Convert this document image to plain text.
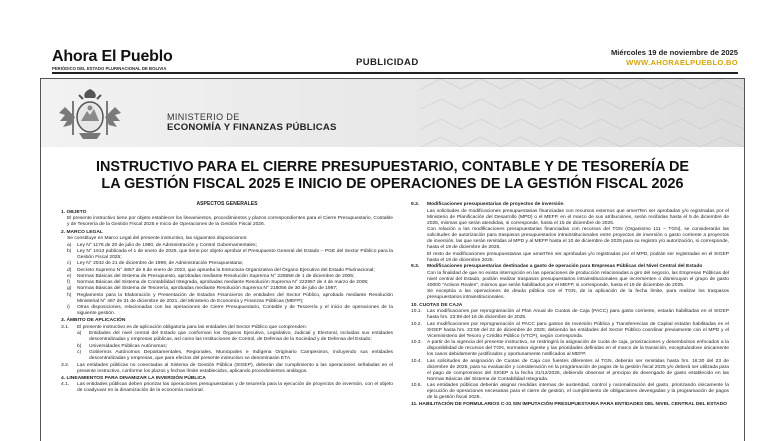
Ahora El Pueblo
PERIÓDICO DEL ESTADO PLURINACIONAL DE BOLIVIA
PUBLICIDAD
Miércoles 19 de noviembre de 2025
WWW.AHORAELPUEBLO.BO
MINISTERIO DE
ECONOMÍA Y FINANZAS PÚBLICAS
INSTRUCTIVO PARA EL CIERRE PRESUPUESTARIO, CONTABLE Y DE TESORERÍA DE
LA GESTIÓN FISCAL 2025 E INICIO DE OPERACIONES DE LA GESTIÓN FISCAL 2026
ASPECTOS GENERALES
1. OBJETO
El presente instructivo tiene por objeto establecer los lineamientos, procedimientos y plazos correspondientes para el Cierre Presupuestario, Contable y de Tesorería de la Gestión Fiscal 2025 e Inicio de Operaciones de la Gestión Fiscal 2026.
2. MARCO LEGAL
Se constituye en Marco Legal del presente instructivo, las siguientes disposiciones:
a)	Ley N° 1178 de 20 de julio de 1990, de Administración y Control Gubernamentales;
b)	Ley N° 1613 publicada el 1 de enero de 2025, que tiene por objeto aprobar el Presupuesto General del Estado – PGE del Sector Público para la Gestión Fiscal 2025;
c)	Ley N° 2042 de 21 de diciembre de 1999, de Administración Presupuestaria;
d)	Decreto Supremo N° 4857 de 6 de enero de 2023, que aprueba la Estructura Organizativa del Órgano Ejecutivo del Estado Plurinacional;
e)	Normas Básicas del Sistema de Presupuesto, aprobadas mediante Resolución Suprema N° 225558 de 1 de diciembre de 2005;
f)	Normas Básicas del Sistema de Contabilidad Integrada, aprobadas mediante Resolución Suprema N° 222957 de 4 de marzo de 2005;
g)	Normas Básicas del Sistema de Tesorería, aprobadas mediante Resolución Suprema N° 218056 de 30 de julio de 1997;
h)	Reglamento para la Elaboración y Presentación de Estados Financieros de entidades del Sector Público, aprobado mediante Resolución Ministerial N° 467 de 31 de diciembre de 2021, del Ministerio de Economía y Finanzas Públicas (MEFP);
i)	Otras disposiciones, relacionadas con las operaciones de Cierre Presupuestario, Contable y de Tesorería y el inicio de operaciones de la siguiente gestión.
3. ÁMBITO DE APLICACIÓN
3.1.	El presente instructivo es de aplicación obligatoria para las entidades del Sector Público que comprenden:
a)	Entidades del nivel central del Estado que conforman los Órganos Ejecutivo, Legislativo, Judicial y Electoral, incluidas sus entidades descentralizadas y empresas públicas, así como las Instituciones de Control, de Defensa de la Sociedad y de Defensa del Estado;
b)	Universidades Públicas Autónomas;
c)	Gobiernos Autónomos Departamentales, Regionales, Municipales e Indígena Originario Campesinos, incluyendo sus entidades descentralizadas y empresas, que para efectos del presente instructivo se denominarán ETA.
3.2.	Las entidades públicas no conectadas al Sistema de Gestión Pública (SIGEP), deberán dar cumplimiento a las operaciones señaladas en el presente instructivo, conforme los plazos y fechas límite establecidos, aplicando procedimientos análogos.
4. LINEAMIENTOS PARA DINAMIZAR LA INVERSIÓN PÚBLICA
4.1.	Las entidades públicas deben priorizar las operaciones presupuestarias y de tesorería para la ejecución de proyectos de inversión, con el objeto de coadyuvar en la dinamización de la economía nacional.
9.2.	Modificaciones presupuestarias de proyectos de inversión
Las solicitudes de modificaciones presupuestarias financiadas con recursos externos que amerITen ser aprobadas y/o registradas por el Ministerio de Planificación del Desarrollo (MPD) o el MEFP, en el marco de sus atribuciones, serán recibidas hasta el 5 de diciembre de 2025, mismas que serán atendidas, si corresponde, hasta el 15 de diciembre de 2025.
Con relación a las modificaciones presupuestarias financiadas con recursos del TGN (Organismo 111 – TGN), se considerarán las solicitudes de autorización para traspasos presupuestarios intrainstitucionales entre proyectos de inversión o gasto corriente a proyectos de inversión, las que serán remitidas al MPD y al MEFP hasta el 10 de diciembre de 2025 para su registro y/o autorización, si corresponde, hasta el 19 de diciembre de 2025.
El resto de modificaciones presupuestarias que amerITen ser aprobadas y/o registradas por el MPD, podrán ser registradas en el SIGEP hasta el 19 de diciembre 2025.
9.3.	Modificaciones presupuestarias destinadas a gasto de operación para Empresas Públicas del Nivel Central del Estado
Con la finalidad de que no exista interrupción en las operaciones de producción relacionadas a giro del negocio, las Empresas Públicas del nivel central del Estado, podrán realizar traspasos presupuestarios intrainstitucionales que incrementen o disminuyan el grupo de gasto 40000 "Activos Reales", mismos que serán habilitados por el MEFP, si corresponde, hasta el 19 de diciembre de 2025.
Se exceptúa a las operaciones de deuda pública con el TGN, de la aplicación de la fecha límite, para realizar los traspasos presupuestarios intrainstitucionales.
10. CUOTAS DE CAJA
10.1.	Las modificaciones por reprogramación al Plan Anual de Cuotas de Caja (PACC) para gasto corriente, estarán habilitadas en el SIGEP hasta hrs. 23:59 del 16 de diciembre de 2025.
10.2.	Las modificaciones por reprogramación al PACC para gastos de Inversión Pública y Transferencias de Capital estarán habilitadas en el SIGEP hasta hrs. 23:59 del 22 de diciembre de 2025; debiendo las entidades del Sector Público coordinar previamente con el MPD y el Viceministerio del Tesoro y Crédito Público (VTCP), según corresponda.
10.3.	A partir de la vigencia del presente instructivo, se restringirá la asignación de cuota de caja, priorizaciones y desembolsos enfocados a la disponibilidad de recursos del TGN, normativa vigente y las prioridades definidas en el marco de la transición, exceptuándose únicamente los casos debidamente justificados y oportunamente notificados al MEFP.
10.4.	Las solicitudes de asignación de Cuotas de Caja con fuentes diferentes al TGN, deberán ser remitidas hasta hrs. 16:30 del 23 de diciembre de 2025, para su evaluación y consideración en la programación de pagos de la gestión fiscal 2025 y/o deberá ser utilizada para el pago de compromisos del SIGEP a la fecha 31/12/2025, debiendo observar el principio de devengado de gasto establecido en las Normas Básicas del Sistema de Contabilidad Integrada.
10.5.	Las entidades públicas deberán asignar medidas internas de austeridad, control y racionalización del gasto, priorizando únicamente la ejecución de operaciones necesarias para el cierre de gestión, el cumplimiento de obligaciones devengadas y la programación de pagos de la gestión fiscal 2025.
11. HABILITACIÓN DE FORMULARIOS C-31 SIN IMPUTACIÓN PRESUPUESTARIA PARA ENTIDADES DEL NIVEL CENTRAL DEL ESTADO
